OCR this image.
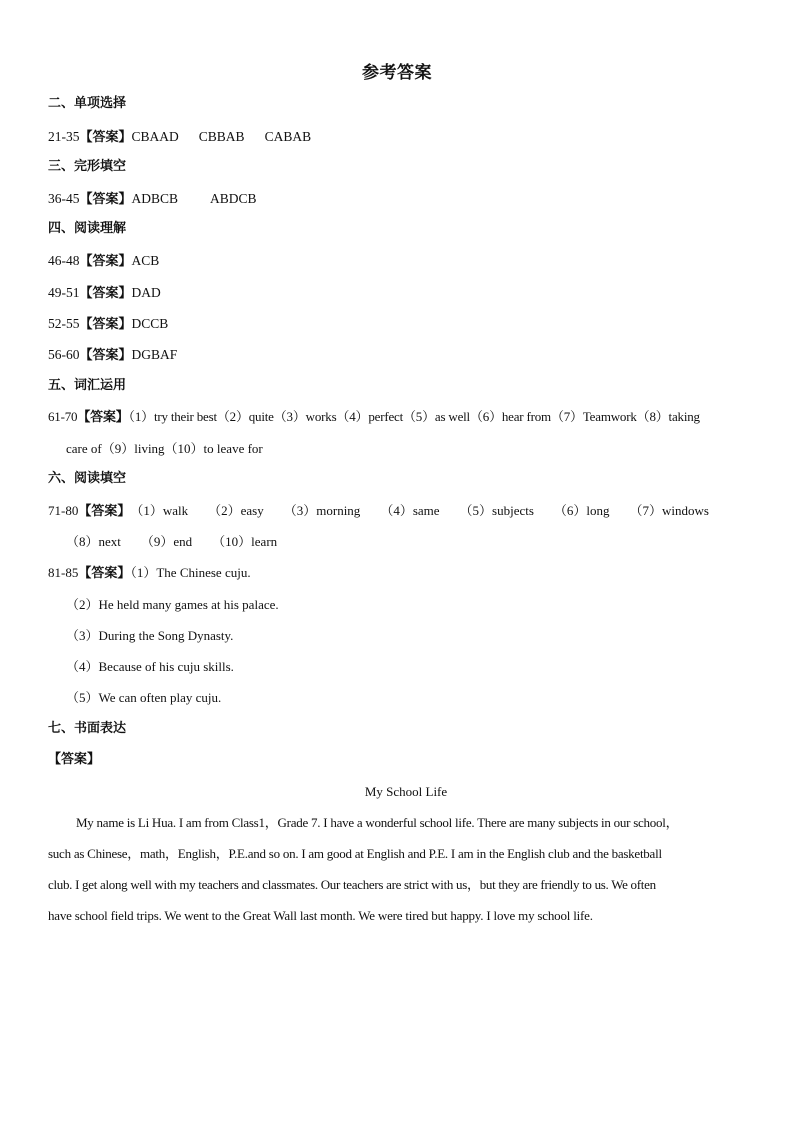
参考答案
二、单项选择
21-35【答案】CBAAD CBBAB CABAB
三、完形填空
36-45【答案】ADBCB ABDCB
四、阅读理解
46-48【答案】ACB
49-51【答案】DAD
52-55【答案】DCCB
56-60【答案】DGBAF
五、词汇运用
61-70【答案】（1）try their best（2）quite（3）works（4）perfect（5）as well（6）hear from（7）Teamwork（8）taking
care of（9）living（10）to leave for
六、阅读填空
71-80【答案】（1）walk （2）easy （3）morning （4）same （5）subjects （6）long （7）windows
（8）next （9）end （10）learn
81-85【答案】（1）The Chinese cuju.
（2）He held many games at his palace.
（3）During the Song Dynasty.
（4）Because of his cuju skills.
（5）We can often play cuju.
七、书面表达
【答案】
My School Life
My name is Li Hua. I am from Class1，Grade 7. I have a wonderful school life. There are many subjects in our school，
such as Chinese，math，English，P.E.and so on. I am good at English and P.E. I am in the English club and the basketball
club. I get along well with my teachers and classmates. Our teachers are strict with us，but they are friendly to us. We often
have school field trips. We went to the Great Wall last month. We were tired but happy. I love my school life.
